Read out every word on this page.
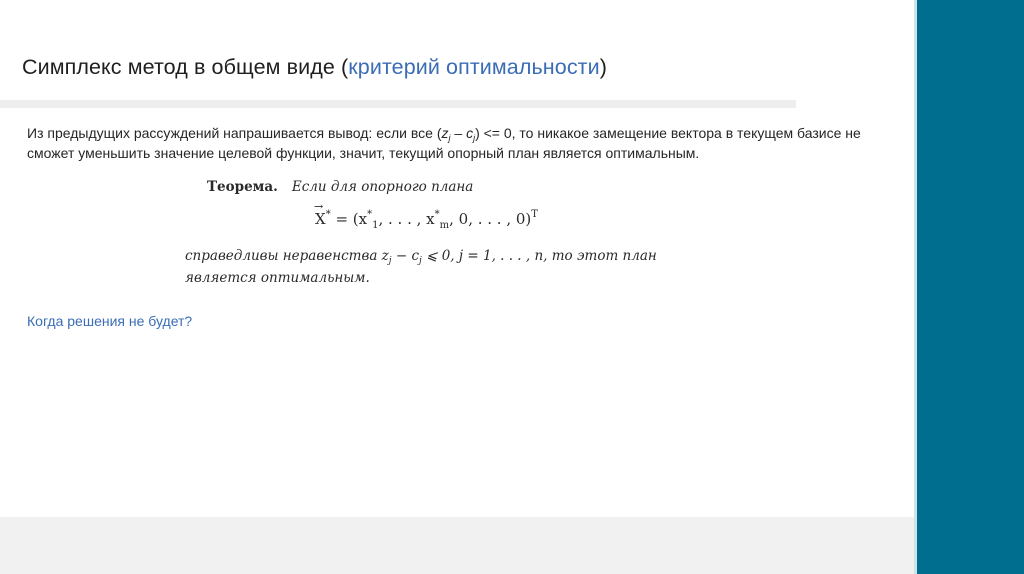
Симплекс метод в общем виде (критерий оптимальности)
Из предыдущих рассуждений напрашивается вывод: если все $(z_j - c_j) <= 0$, то никакое замещение вектора в текущем базисе не сможет уменьшить значение целевой функции, значит, текущий опорный план является оптимальным.
Теорема. Если для опорного плана
→
$X^* = (x^*_1$, . . . , $x^*_m$, 0, . . . , 0)$^T$
справедливы неравенства $z_j - c_j$ ⩽ 0, j = 1, . . . , n, то этот план
является оптимальным.
Когда решения не будет?
